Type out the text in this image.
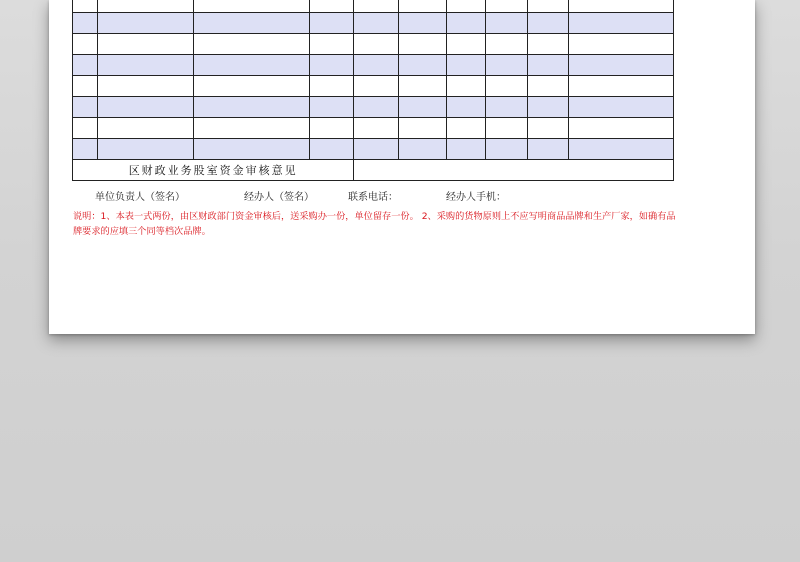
区财政业务股室资金审核意见									
单位负责人（签名）	经办人（签名）	联系电话：	经办人手机：
说明：1、本表一式两份，由区财政部门资金审核后，送采购办一份，单位留存一份。 2、采购的货物原则上不应写明商品品牌和生产厂家，如确有品牌要求的应填三个同等档次品牌。
